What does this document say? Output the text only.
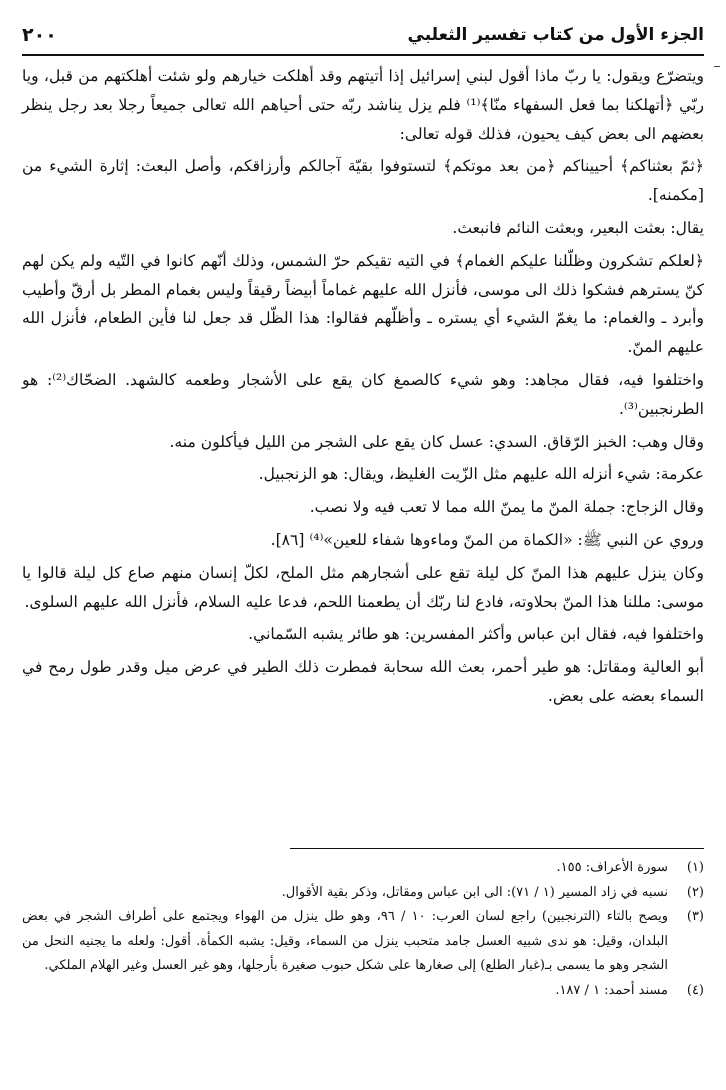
الجزء الأول من كتاب تفسير الثعلبي
٢٠٠

ويتضرّع ويقول: يا ربّ ماذا أقول لبني إسرائيل إذا أتيتهم وقد أهلكت خيارهم ولو شئت أهلكتهم من قبل، ويا ربّي ﴿أتهلكنا بما فعل السفهاء منّا﴾⁽¹⁾ فلم يزل يناشد ربّه حتى أحياهم الله تعالى جميعاً رجلا بعد رجل ينظر بعضهم الى بعض كيف يحيون، فذلك قوله تعالى:

﴿ثمّ بعثناكم﴾ أحييناكم ﴿من بعد موتكم﴾ لتستوفوا بقيّة آجالكم وأرزاقكم، وأصل البعث: إثارة الشيء من [مكمنه].

يقال: بعثت البعير، وبعثت النائم فانبعث.

﴿لعلكم تشكرون وظلّلنا عليكم الغمام﴾ في التيه تقيكم حرّ الشمس، وذلك أنّهم كانوا في التّيه ولم يكن لهم كنّ يسترهم فشكوا ذلك الى موسى، فأنزل الله عليهم غماماً أبيضاً رقيقاً وليس بغمام المطر بل أرقّ وأطيب وأبرد ـ والغمام: ما يغمّ الشيء أي يستره ـ وأظلّهم فقالوا: هذا الظّل قد جعل لنا فأين الطعام، فأنزل الله عليهم المنّ.

واختلفوا فيه، فقال مجاهد: وهو شيء كالصمغ كان يقع على الأشجار وطعمه كالشهد. الضحّاك⁽²⁾: هو الطرنجبين⁽³⁾.

وقال وهب: الخبز الرّقاق. السدي: عسل كان يقع على الشجر من الليل فيأكلون منه.

عكرمة: شيء أنزله الله عليهم مثل الزّيت الغليظ، ويقال: هو الزنجبيل.

وقال الزجاج: جملة المنّ ما يمنّ الله مما لا تعب فيه ولا نصب.

وروي عن النبي ﷺ: «الكماة من المنّ وماءوها شفاء للعين»⁽⁴⁾ [٨٦].

وكان ينزل عليهم هذا المنّ كل ليلة تقع على أشجارهم مثل الملح، لكلّ إنسان منهم صاع كل ليلة قالوا يا موسى: مللنا هذا المنّ بحلاوته، فادع لنا ربّك أن يطعمنا اللحم، فدعا عليه السلام، فأنزل الله عليهم السلوى.

واختلفوا فيه، فقال ابن عباس وأكثر المفسرين: هو طائر يشبه السّماني.

أبو العالية ومقاتل: هو طير أحمر، بعث الله سحابة فمطرت ذلك الطير في عرض ميل وقدر طول رمح في السماء بعضه على بعض.

(١)
سورة الأعراف: ١٥٥.
(٢)
نسبه في زاد المسير (١ / ٧١): الى ابن عباس ومقاتل، وذكر بقية الأقوال.
(٣)
ويصح بالتاء (الترنجبين) راجع لسان العرب: ١٠ / ٩٦، وهو طل ينزل من الهواء ويجتمع على أطراف الشجر في بعض البلدان، وقيل: هو ندى شبيه العسل جامد متحبب ينزل من السماء، وقيل: يشبه الكمأة. أقول: ولعله ما يجنيه النحل من الشجر وهو ما يسمى بـ(غبار الطلع) إلى صغارها على شكل حبوب صغيرة بأرجلها، وهو غير العسل وغير الهلام الملكي.
(٤)
مسند أحمد: ١ / ١٨٧.
